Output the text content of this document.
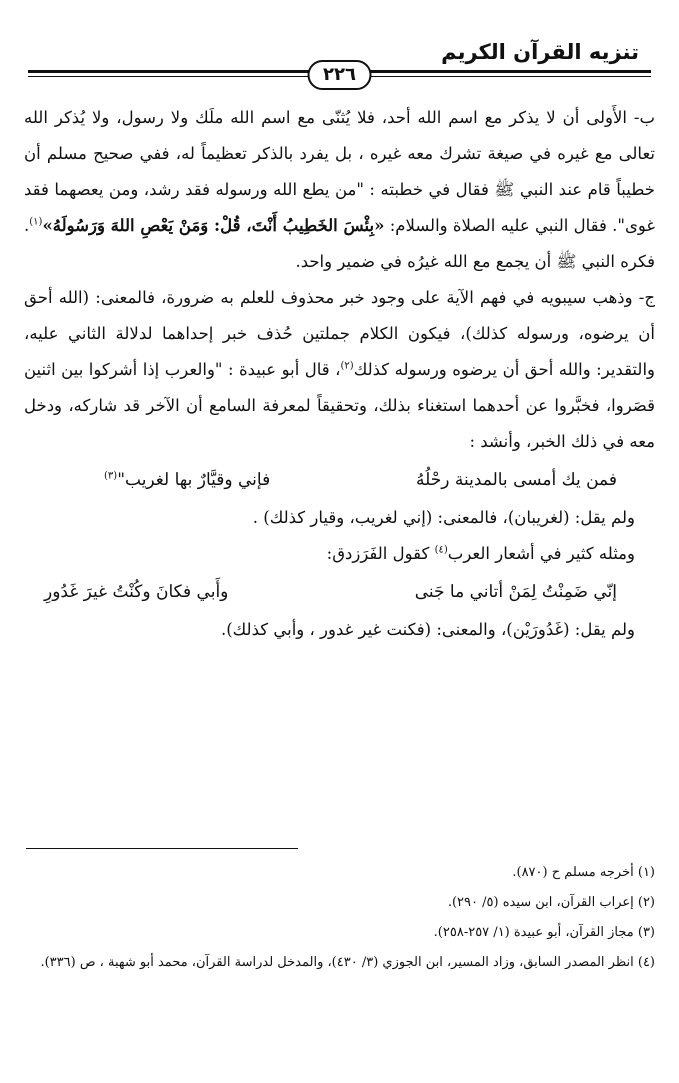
تنزيه القرآن الكريم
٢٢٦

ب- الأَولى أن لا يذكر مع اسم الله أحد، فلا يُثنّى مع اسم الله ملَك ولا رسول، ولا يُذكر الله تعالى مع غيره في صيغة تشرك معه غيره ، بل يفرد بالذكر تعظيماً له، ففي صحيح مسلم أن خطيباً قام عند النبي ﷺ فقال في خطبته : "من يطع الله ورسوله فقد رشد، ومن يعصهما فقد غوى". فقال النبي عليه الصلاة والسلام: «بِئْسَ الخَطِيبُ أَنْتَ، قُلْ: وَمَنْ يَعْصِ اللهَ وَرَسُولَهُ»$^{(١)}$. فكره النبي ﷺ أن يجمع مع الله غيرُه في ضمير واحد.

ج- وذهب سيبويه في فهم الآية على وجود خبر محذوف للعلم به ضرورة، فالمعنى: (الله أحق أن يرضوه، ورسوله كذلك)، فيكون الكلام جملتين حُذف خبر إحداهما لدلالة الثاني عليه، والتقدير: والله أحق أن يرضوه ورسوله كذلك$^{(٢)}$، قال أبو عبيدة : "والعرب إذا أشركوا بين اثنين قصَروا، فخبَّروا عن أحدهما استغناء بذلك، وتحقيقاً لمعرفة السامع أن الآخر قد شاركه، ودخل معه في ذلك الخبر، وأنشد :

فمن يك أمسى بالمدينة رحْلُهُ
فإني وقيَّارٌ بها لغريب"$^{(٣)}$

ولم يقل: (لغريبان)، فالمعنى: (إني لغريب، وقيار كذلك) .

ومثله كثير في أشعار العرب$^{(٤)}$ كقول الفَرَزدق:

إنّي ضَمِنْتُ لِمَنْ أتاني ما جَنى
وأَبي فكانَ وكُنْتُ غيرَ غَدُورِ

ولم يقل: (غَدُورَيْن)، والمعنى: (فكنت غير غدور ، وأبي كذلك).

(١) أخرجه مسلم ح (٨٧٠).

(٢) إعراب القرآن، ابن سيده (٥/ ٢٩٠).

(٣) مجاز القرآن، أبو عبيدة (١/ ٢٥٧-٢٥٨).

(٤) انظر المصدر السابق، وزاد المسير، ابن الجوزي (٣/ ٤٣٠)، والمدخل لدراسة القرآن، محمد أبو شهبة ، ص (٣٣٦).
